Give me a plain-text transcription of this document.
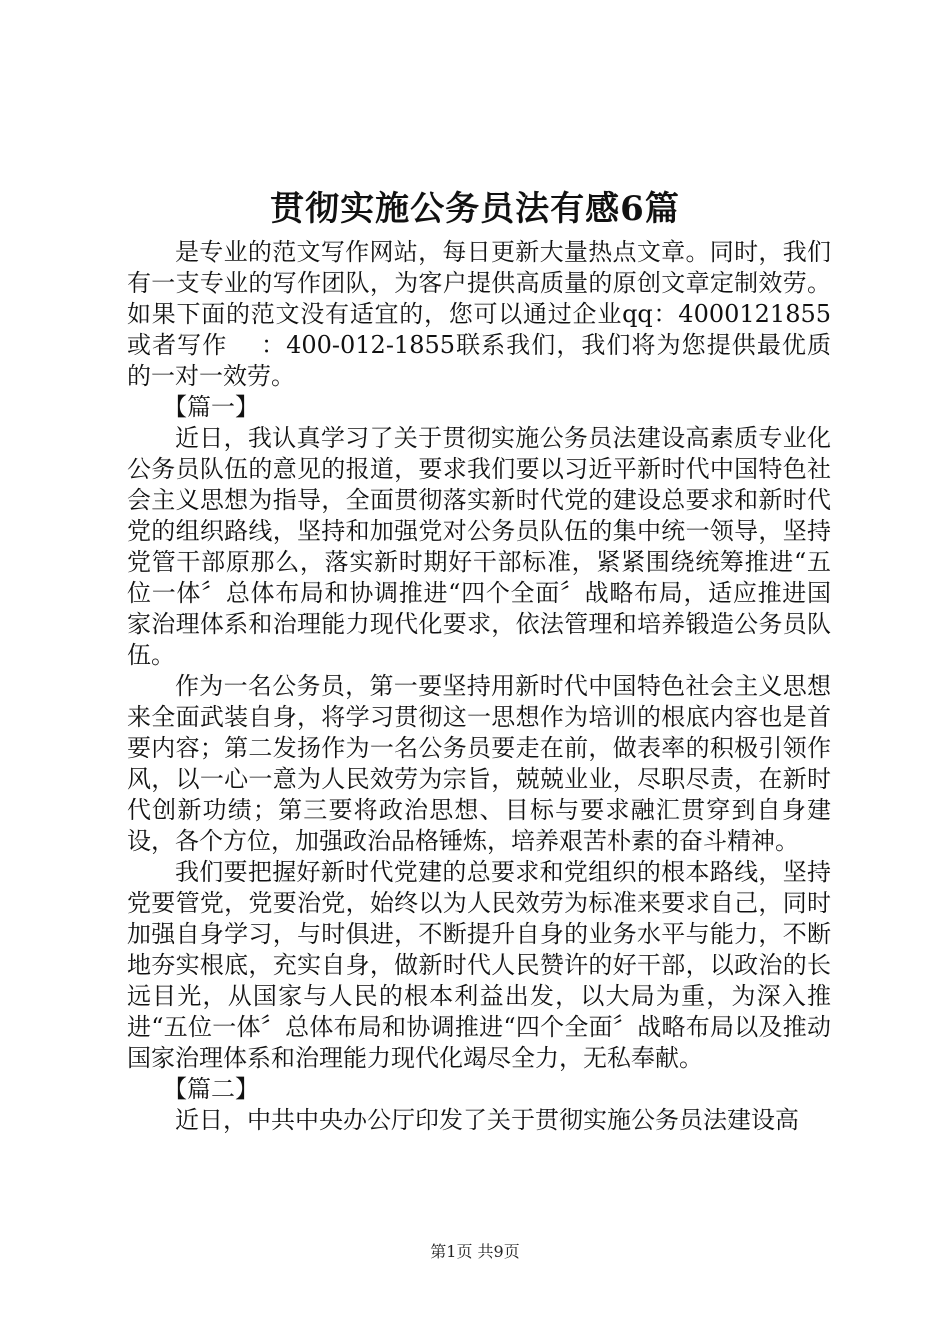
贯彻实施公务员法有感6篇

是专业的范文写作网站，每日更新大量热点文章。同时，我们有一支专业的写作团队，为客户提供高质量的原创文章定制效劳。如果下面的范文没有适宜的，您可以通过企业qq：4000121855或者写作　 ：400-012-1855联系我们，我们将为您提供最优质的一对一效劳。

【篇一】

近日，我认真学习了关于贯彻实施公务员法建设高素质专业化公务员队伍的意见的报道，要求我们要以习近平新时代中国特色社会主义思想为指导，全面贯彻落实新时代党的建设总要求和新时代党的组织路线，坚持和加强党对公务员队伍的集中统一领导，坚持党管干部原那么，落实新时期好干部标准，紧紧围绕统筹推进“五位一体〞总体布局和协调推进“四个全面〞战略布局，适应推进国家治理体系和治理能力现代化要求，依法管理和培养锻造公务员队伍。

作为一名公务员，第一要坚持用新时代中国特色社会主义思想来全面武装自身，将学习贯彻这一思想作为培训的根底内容也是首要内容；第二发扬作为一名公务员要走在前，做表率的积极引领作风，以一心一意为人民效劳为宗旨，兢兢业业，尽职尽责，在新时代创新功绩；第三要将政治思想、目标与要求融汇贯穿到自身建设，各个方位，加强政治品格锤炼，培养艰苦朴素的奋斗精神。

我们要把握好新时代党建的总要求和党组织的根本路线，坚持党要管党，党要治党，始终以为人民效劳为标准来要求自己，同时加强自身学习，与时俱进，不断提升自身的业务水平与能力，不断地夯实根底，充实自身，做新时代人民赞许的好干部，以政治的长远目光，从国家与人民的根本利益出发，以大局为重，为深入推进“五位一体〞总体布局和协调推进“四个全面〞战略布局以及推动国家治理体系和治理能力现代化竭尽全力，无私奉献。

【篇二】

近日，中共中央办公厅印发了关于贯彻实施公务员法建设高

第1页 共9页
